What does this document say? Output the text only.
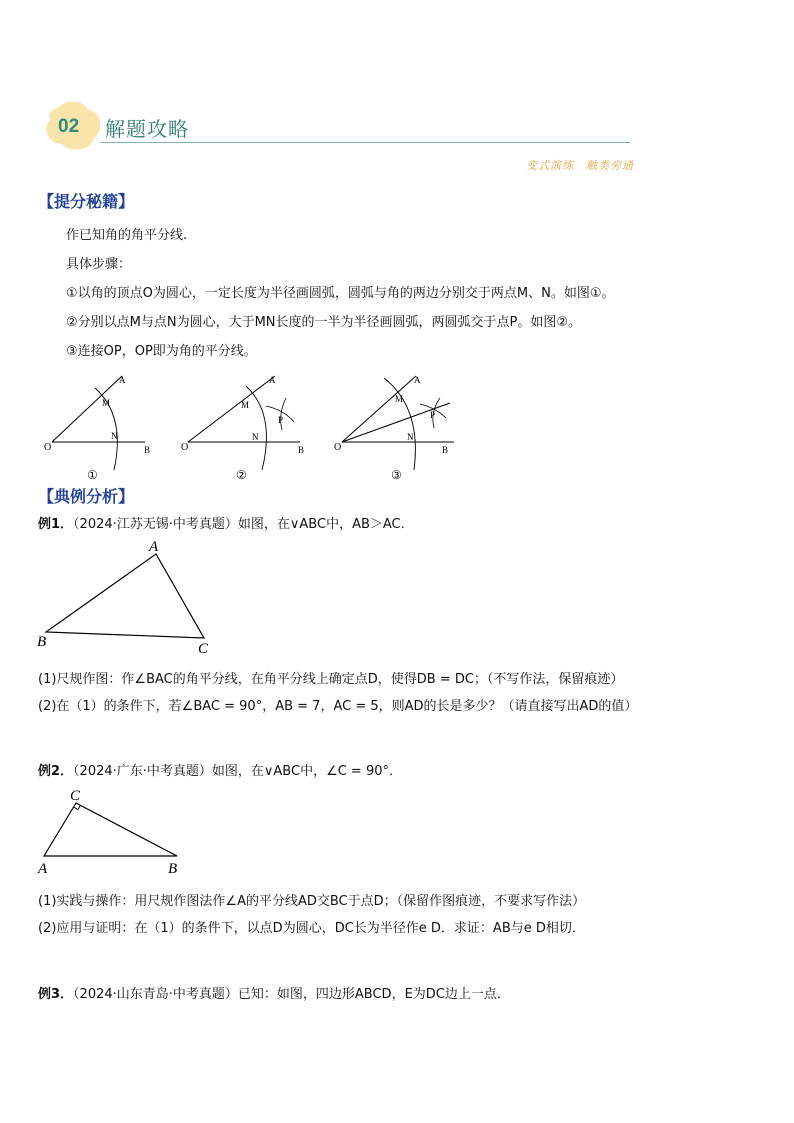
02 解题攻略
变式演练　触类旁通
【提分秘籍】
作已知角的角平分线.
具体步骤：
①以角的顶点O为圆心，一定长度为半径画圆弧，圆弧与角的两边分别交于两点M、N。如图①。
②分别以点M与点N为圆心，大于MN长度的一半为半径画圆弧，两圆弧交于点P。如图②。
③连接OP，OP即为角的平分线。
O
A
M
N
B
①
O
A
M
N
P
B
②
O
A
M
N
P
B
③
【典例分析】
例1．（2024·江苏无锡·中考真题）如图，在∨ABC中，AB＞AC．
A
B	C
(1)尺规作图：作∠BAC的角平分线，在角平分线上确定点D，使得DB = DC；（不写作法，保留痕迹）
(2)在（1）的条件下，若∠BAC = 90°，AB = 7，AC = 5，则AD的长是多少？（请直接写出AD的值）
例2．（2024·广东·中考真题）如图，在∨ABC中，∠C = 90°．
C
A	B
(1)实践与操作：用尺规作图法作∠A的平分线AD交BC于点D；（保留作图痕迹，不要求写作法）
(2)应用与证明：在（1）的条件下，以点D为圆心，DC长为半径作e D．求证：AB与e D相切．
例3．（2024·山东青岛·中考真题）已知：如图，四边形ABCD，E为DC边上一点．
